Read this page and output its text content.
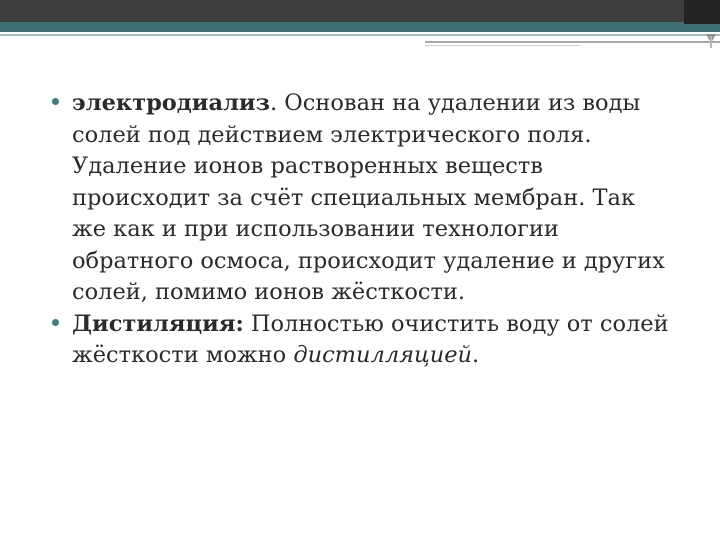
электродиализ. Основан на удалении из воды солей под действием электрического поля. Удаление ионов растворенных веществ происходит за счёт специальных мембран. Так же как и при использовании технологии обратного осмоса, происходит удаление и других солей, помимо ионов жёсткости.
Дистиляция: Полностью очистить воду от солей жёсткости можно дистилляцией.
